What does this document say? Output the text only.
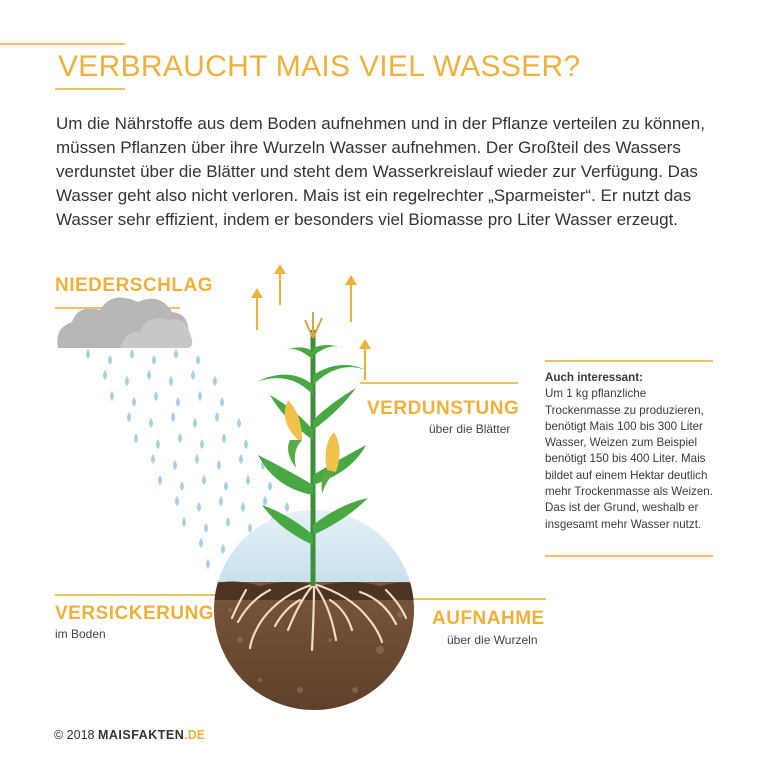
VERBRAUCHT MAIS VIEL WASSER?
Um die Nährstoffe aus dem Boden aufnehmen und in der Pflanze verteilen zu können, müssen Pflanzen über ihre Wurzeln Wasser aufnehmen. Der Großteil des Wassers verdunstet über die Blätter und steht dem Wasserkreislauf wieder zur Verfügung. Das Wasser geht also nicht verloren. Mais ist ein regelrechter „Sparmeister“. Er nutzt das Wasser sehr effizient, indem er besonders viel Biomasse pro Liter Wasser erzeugt.
NIEDERSCHLAG
VERDUNSTUNG
über die Blätter
VERSICKERUNG
im Boden
AUFNAHME
über die Wurzeln
Auch interessant:
Um 1 kg pflanzliche Trockenmasse zu produzieren, benötigt Mais 100 bis 300 Liter Wasser, Weizen zum Beispiel benötigt 150 bis 400 Liter. Mais bildet auf einem Hektar deutlich mehr Trockenmasse als Weizen. Das ist der Grund, weshalb er insgesamt mehr Wasser nutzt.
© 2018 MAISFAKTEN.DE
